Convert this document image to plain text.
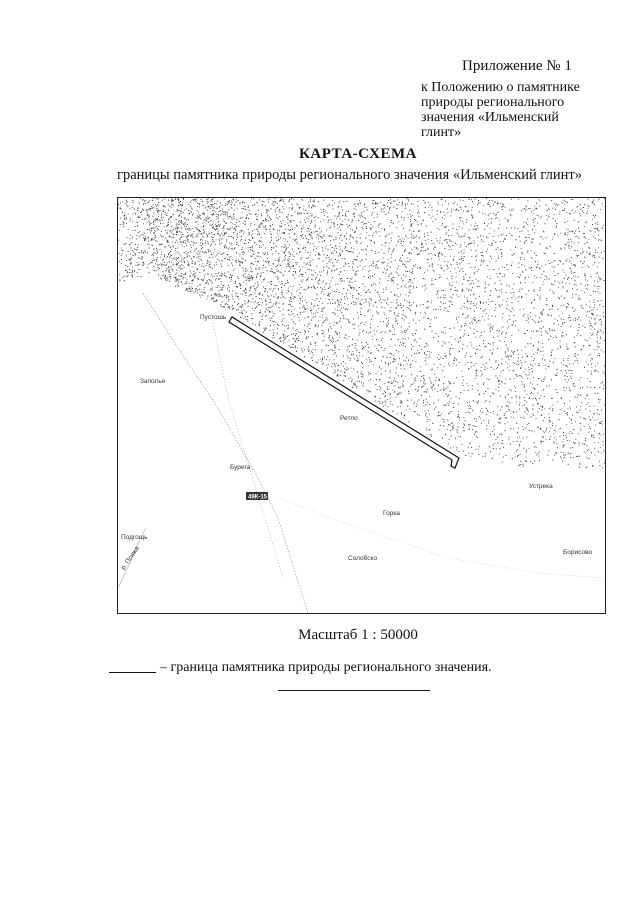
Приложение № 1
к Положению о памятнике
природы регионального
значения «Ильменский
глинт»
КАРТА-СХЕМА
границы памятника природы регионального значения «Ильменский глинт»
Пустошь
Заполье
Ретло
Бурега
Подгощь
р. Псижа
Устрека
Горка
Солобско
Борисово
49К-15
Масштаб 1 : 50000
– граница памятника природы регионального значения.
